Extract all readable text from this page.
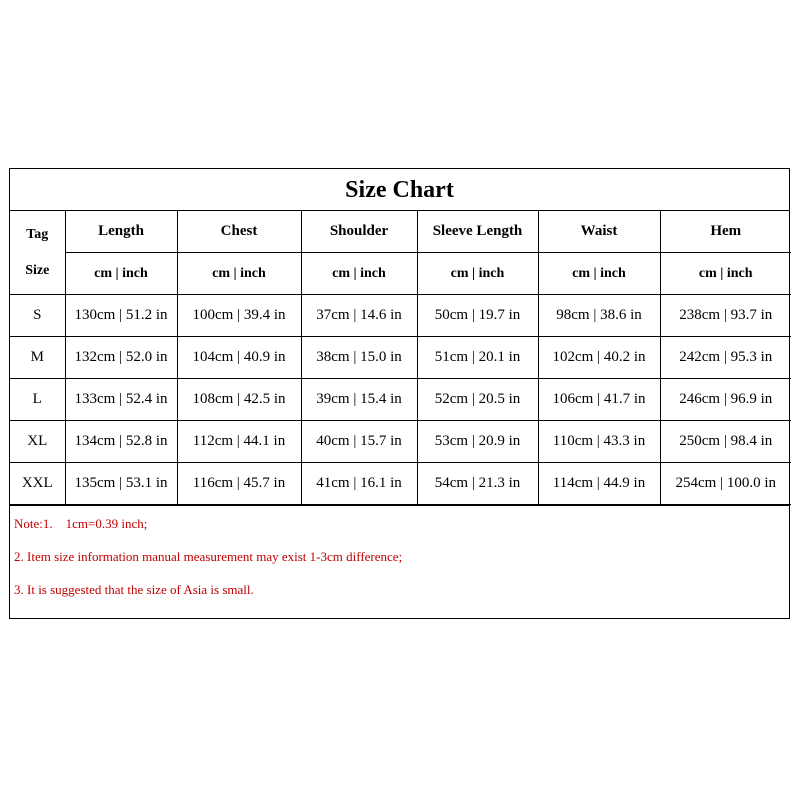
Size Chart
Tag
Size	Length	Chest	Shoulder	Sleeve Length	Waist	Hem
	cm | inch	cm | inch	cm | inch	cm | inch	cm | inch	cm | inch
S	130cm | 51.2 in	100cm | 39.4 in	37cm | 14.6 in	50cm | 19.7 in	98cm | 38.6 in	238cm | 93.7 in
M	132cm | 52.0 in	104cm | 40.9 in	38cm | 15.0 in	51cm | 20.1 in	102cm | 40.2 in	242cm | 95.3 in
L	133cm | 52.4 in	108cm | 42.5 in	39cm | 15.4 in	52cm | 20.5 in	106cm | 41.7 in	246cm | 96.9 in
XL	134cm | 52.8 in	112cm | 44.1 in	40cm | 15.7 in	53cm | 20.9 in	110cm | 43.3 in	250cm | 98.4 in
XXL	135cm | 53.1 in	116cm | 45.7 in	41cm | 16.1 in	54cm | 21.3 in	114cm | 44.9 in	254cm | 100.0 in
Note:1.    1cm=0.39 inch;
2. Item size information manual measurement may exist 1-3cm difference;
3. It is suggested that the size of Asia is small.
